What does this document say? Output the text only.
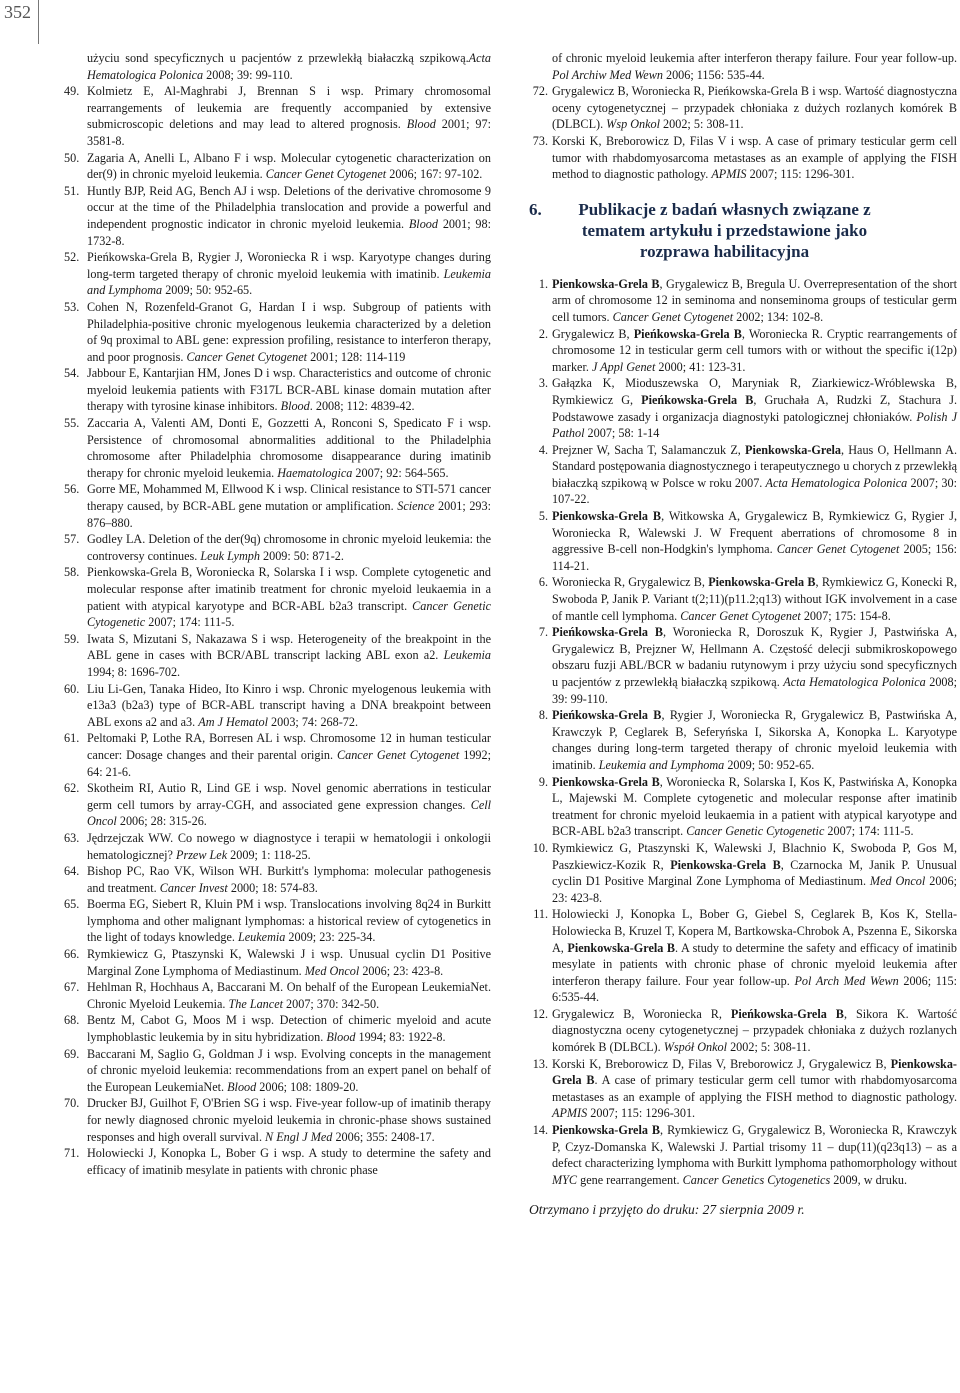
352
użyciu sond specyficznych u pacjentów z przewlekłą białaczką szpikową.Acta Hematologica Polonica 2008; 39: 99-110.
49. Kolmietz E, Al-Maghrabi J, Brennan S i wsp. Primary chromosomal rearrangements of leukemia are frequently accompanied by extensive submicroscopic deletions and may lead to altered prognosis. Blood 2001; 97: 3581-8.
50. Zagaria A, Anelli L, Albano F i wsp. Molecular cytogenetic characterization on der(9) in chronic myeloid leukemia. Cancer Genet Cytogenet 2006; 167: 97-102.
51. Huntly BJP, Reid AG, Bench AJ i wsp. Deletions of the derivative chromosome 9 occur at the time of the Philadelphia translocation and provide a powerful and independent prognostic indicator in chronic myeloid leukemia. Blood 2001; 98: 1732-8.
52. Pieńkowska-Grela B, Rygier J, Woroniecka R i wsp. Karyotype changes during long-term targeted therapy of chronic myeloid leukemia with imatinib. Leukemia and Lymphoma 2009; 50: 952-65.
53. Cohen N, Rozenfeld-Granot G, Hardan I i wsp. Subgroup of patients with Philadelphia-positive chronic myelogenous leukemia characterized by a deletion of 9q proximal to ABL gene: expression profiling, resistance to interferon therapy, and poor prognosis. Cancer Genet Cytogenet 2001; 128: 114-119
54. Jabbour E, Kantarjian HM, Jones D i wsp. Characteristics and outcome of chronic myeloid leukemia patients with F317L BCR-ABL kinase domain mutation after therapy with tyrosine kinase inhibitors. Blood. 2008; 112: 4839-42.
55. Zaccaria A, Valenti AM, Donti E, Gozzetti A, Ronconi S, Spedicato F i wsp. Persistence of chromosomal abnormalities additional to the Philadelphia chromosome after Philadelphia chromosome disappearance during imatinib therapy for chronic myeloid leukemia. Haematologica 2007; 92: 564-565.
56. Gorre ME, Mohammed M, Ellwood K i wsp. Clinical resistance to STI-571 cancer therapy caused, by BCR-ABL gene mutation or amplification. Science 2001; 293: 876–880.
57. Godley LA. Deletion of the der(9q) chromosome in chronic myeloid leukemia: the controversy continues. Leuk Lymph 2009: 50: 871-2.
58. Pienkowska-Grela B, Woroniecka R, Solarska I i wsp. Complete cytogenetic and molecular response after imatinib treatment for chronic myeloid leukaemia in a patient with atypical karyotype and BCR-ABL b2a3 transcript. Cancer Genetic Cytogenetic 2007; 174: 111-5.
59. Iwata S, Mizutani S, Nakazawa S i wsp. Heterogeneity of the breakpoint in the ABL gene in cases with BCR/ABL transcript lacking ABL exon a2. Leukemia 1994; 8: 1696-702.
60. Liu Li-Gen, Tanaka Hideo, Ito Kinro i wsp. Chronic myelogenous leukemia with e13a3 (b2a3) type of BCR-ABL transcript having a DNA breakpoint between ABL exons a2 and a3. Am J Hematol 2003; 74: 268-72.
61. Peltomaki P, Lothe RA, Borresen AL i wsp. Chromosome 12 in human testicular cancer: Dosage changes and their parental origin. Cancer Genet Cytogenet 1992; 64: 21-6.
62. Skotheim RI, Autio R, Lind GE i wsp. Novel genomic aberrations in testicular germ cell tumors by array-CGH, and associated gene expression changes. Cell Oncol 2006; 28: 315-26.
63. Jędrzejczak WW. Co nowego w diagnostyce i terapii w hematologii i onkologii hematologicznej? Przew Lek 2009; 1: 118-25.
64. Bishop PC, Rao VK, Wilson WH. Burkitt's lymphoma: molecular pathogenesis and treatment. Cancer Invest 2000; 18: 574-83.
65. Boerma EG, Siebert R, Kluin PM i wsp. Translocations involving 8q24 in Burkitt lymphoma and other malignant lymphomas: a historical review of cytogenetics in the light of todays knowledge. Leukemia 2009; 23: 225-34.
66. Rymkiewicz G, Ptaszynski K, Walewski J i wsp. Unusual cyclin D1 Positive Marginal Zone Lymphoma of Mediastinum. Med Oncol 2006; 23: 423-8.
67. Hehlman R, Hochhaus A, Baccarani M. On behalf of the European LeukemiaNet. Chronic Myeloid Leukemia. The Lancet 2007; 370: 342-50.
68. Bentz M, Cabot G, Moos M i wsp. Detection of chimeric myeloid and acute lymphoblastic leukemia by in situ hybridization. Blood 1994; 83: 1922-8.
69. Baccarani M, Saglio G, Goldman J i wsp. Evolving concepts in the management of chronic myeloid leukemia: recommendations from an expert panel on behalf of the European LeukemiaNet. Blood 2006; 108: 1809-20.
70. Drucker BJ, Guilhot F, O'Brien SG i wsp. Five-year follow-up of imatinib therapy for newly diagnosed chronic myeloid leukemia in chronic-phase shows sustained responses and high overall survival. N Engl J Med 2006; 355: 2408-17.
71. Holowiecki J, Konopka L, Bober G i wsp. A study to determine the safety and efficacy of imatinib mesylate in patients with chronic phase
of chronic myeloid leukemia after interferon therapy failure. Four year follow-up. Pol Archiw Med Wewn 2006; 1156: 535-44.
72. Grygalewicz B, Woroniecka R, Pieńkowska-Grela B i wsp. Wartość diagnostyczna oceny cytogenetycznej – przypadek chłoniaka z dużych rozlanych komórek B (DLBCL). Wsp Onkol 2002; 5: 308-11.
73. Korski K, Breborowicz D, Filas V i wsp. A case of primary testicular germ cell tumor with rhabdomyosarcoma metastases as an example of applying the FISH method to diagnostic pathology. APMIS 2007; 115: 1296-301.
6.	Publikacje z badań własnych związane z tematem artykułu i przedstawione jako rozprawa habilitacyjna
1. Pienkowska-Grela B, Grygalewicz B, Bregula U. Overrepresentation of the short arm of chromosome 12 in seminoma and nonseminoma groups of testicular germ cell tumors. Cancer Genet Cytogenet 2002; 134: 102-8.
2. Grygalewicz B, Pieńkowska-Grela B, Woroniecka R. Cryptic rearrangements of chromosome 12 in testicular germ cell tumors with or without the specific i(12p) marker. J Appl Genet 2000; 41: 123-31.
3. Gałązka K, Mioduszewska O, Maryniak R, Ziarkiewicz-Wróblewska B, Rymkiewicz G, Pieńkowska-Grela B, Gruchała A, Rudzki Z, Stachura J. Podstawowe zasady i organizacja diagnostyki patologicznej chłoniaków. Polish J Pathol 2007; 58: 1-14
4. Prejzner W, Sacha T, Salamanczuk Z, Pienkowska-Grela, Haus O, Hellmann A. Standard postępowania diagnostycznego i terapeutycznego u chorych z przewlekłą białaczką szpikową w Polsce w roku 2007. Acta Hematologica Polonica 2007; 30: 107-22.
5. Pienkowska-Grela B, Witkowska A, Grygalewicz B, Rymkiewicz G, Rygier J, Woroniecka R, Walewski J. W Frequent aberrations of chromosome 8 in aggressive B-cell non-Hodgkin's lymphoma. Cancer Genet Cytogenet 2005; 156: 114-21.
6. Woroniecka R, Grygalewicz B, Pienkowska-Grela B, Rymkiewicz G, Konecki R, Swoboda P, Janik P. Variant t(2;11)(p11.2;q13) without IGK involvement in a case of mantle cell lymphoma. Cancer Genet Cytogenet 2007; 175: 154-8.
7. Pieńkowska-Grela B, Woroniecka R, Doroszuk K, Rygier J, Pastwińska A, Grygalewicz B, Prejzner W, Hellmann A. Częstość delecji submikroskopowego obszaru fuzji ABL/BCR w badaniu rutynowym i przy użyciu sond specyficznych u pacjentów z przewlekłą białaczką szpikową. Acta Hematologica Polonica 2008; 39: 99-110.
8. Pieńkowska-Grela B, Rygier J, Woroniecka R, Grygalewicz B, Pastwińska A, Krawczyk P, Ceglarek B, Seferyńska I, Sikorska A, Konopka L. Karyotype changes during long-term targeted therapy of chronic myeloid leukemia with imatinib. Leukemia and Lymphoma 2009; 50: 952-65.
9. Pienkowska-Grela B, Woroniecka R, Solarska I, Kos K, Pastwińska A, Konopka L, Majewski M. Complete cytogenetic and molecular response after imatinib treatment for chronic myeloid leukaemia in a patient with atypical karyotype and BCR-ABL b2a3 transcript. Cancer Genetic Cytogenetic 2007; 174: 111-5.
10. Rymkiewicz G, Ptaszynski K, Walewski J, Blachnio K, Swoboda P, Gos M, Paszkiewicz-Kozik R, Pienkowska-Grela B, Czarnocka M, Janik P. Unusual cyclin D1 Positive Marginal Zone Lymphoma of Mediastinum. Med Oncol 2006; 23: 423-8.
11. Holowiecki J, Konopka L, Bober G, Giebel S, Ceglarek B, Kos K, Stella-Holowiecka B, Kruzel T, Kopera M, Bartkowska-Chrobok A, Pszenna E, Sikorska A, Pienkowska-Grela B. A study to determine the safety and efficacy of imatinib mesylate in patients with chronic phase of chronic myeloid leukemia after interferon therapy failure. Four year follow-up. Pol Arch Med Wewn 2006; 115: 6:535-44.
12. Grygalewicz B, Woroniecka R, Pieńkowska-Grela B, Sikora K. Wartość diagnostyczna oceny cytogenetycznej – przypadek chłoniaka z dużych rozlanych komórek B (DLBCL). Współ Onkol 2002; 5: 308-11.
13. Korski K, Breborowicz D, Filas V, Breborowicz J, Grygalewicz B, Pienkowska-Grela B. A case of primary testicular germ cell tumor with rhabdomyosarcoma metastases as an example of applying the FISH method to diagnostic pathology. APMIS 2007; 115: 1296-301.
14. Pienkowska-Grela B, Rymkiewicz G, Grygalewicz B, Woroniecka R, Krawczyk P, Czyz-Domanska K, Walewski J. Partial trisomy 11 – dup(11)(q23q13) – as a defect characterizing lymphoma with Burkitt lymphoma pathomorphology without MYC gene rearrangement. Cancer Genetics Cytogenetics 2009, w druku.
Otrzymano i przyjęto do druku: 27 sierpnia 2009 r.
